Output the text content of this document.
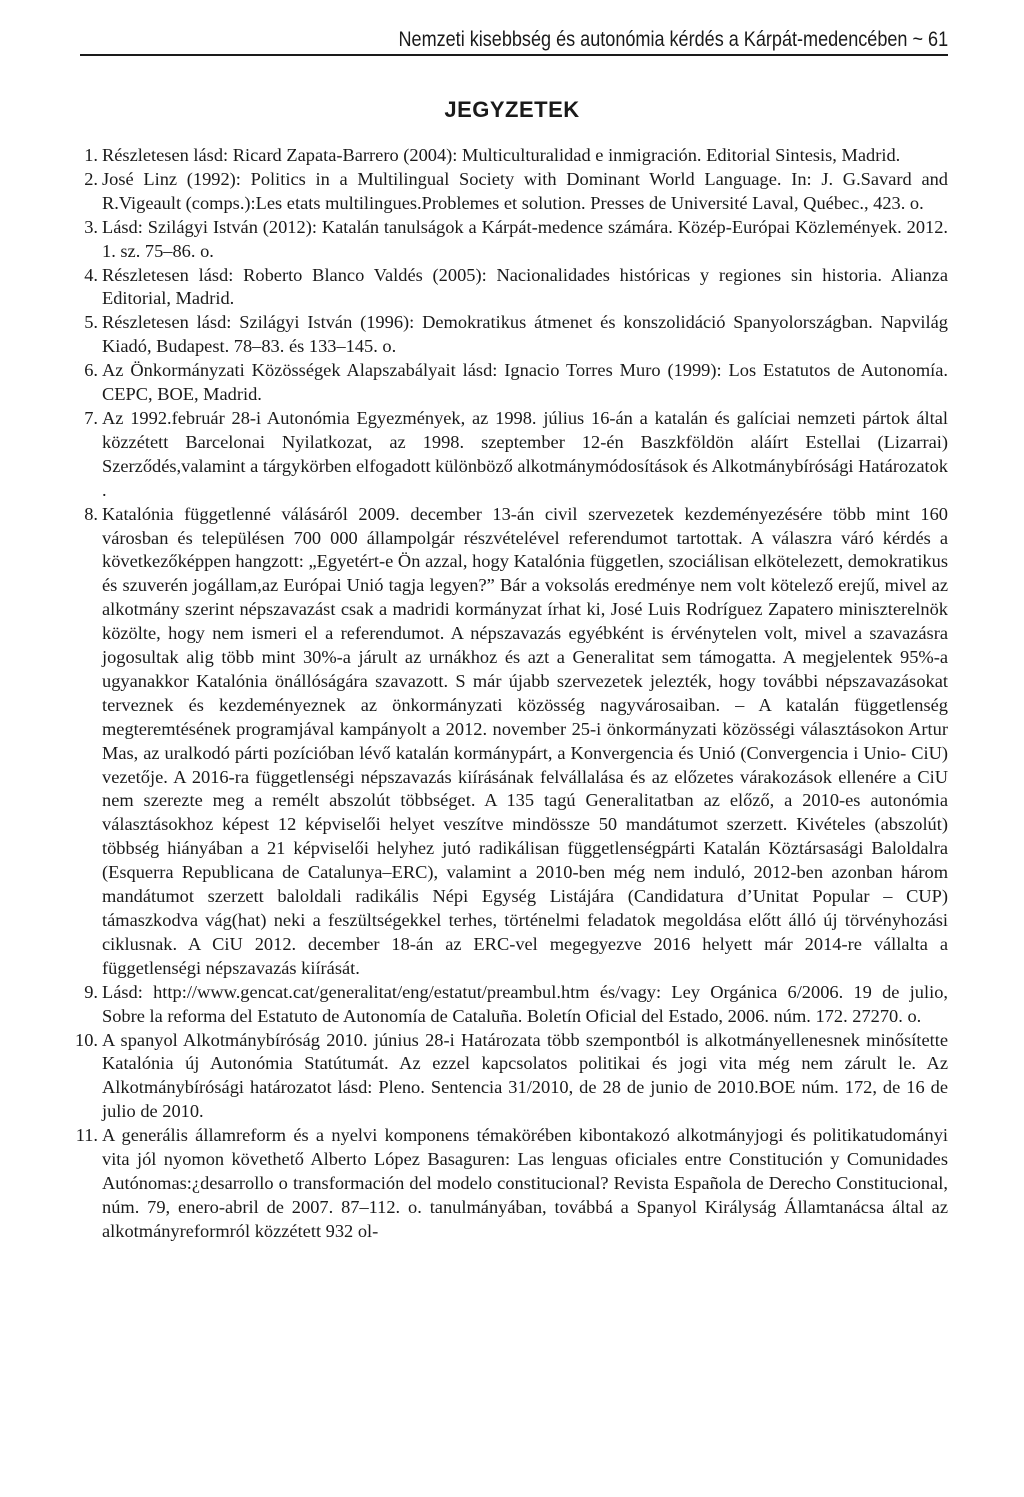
Nemzeti kisebbség és autonómia kérdés a Kárpát-medencében ~ 61
JEGYZETEK
1. Részletesen lásd: Ricard Zapata-Barrero (2004): Multiculturalidad e inmigración. Editorial Sintesis, Madrid.
2. José Linz (1992): Politics in a Multilingual Society with Dominant World Language. In: J. G.Savard and R.Vigeault (comps.):Les etats multilingues.Problemes et solution. Presses de Université Laval, Québec., 423. o.
3. Lásd: Szilágyi István (2012): Katalán tanulságok a Kárpát-medence számára. Közép-Európai Közlemények. 2012. 1. sz. 75–86. o.
4. Részletesen lásd: Roberto Blanco Valdés (2005): Nacionalidades históricas y regiones sin historia. Alianza Editorial, Madrid.
5. Részletesen lásd: Szilágyi István (1996): Demokratikus átmenet és konszolidáció Spanyolországban. Napvilág Kiadó, Budapest. 78–83. és 133–145. o.
6. Az Önkormányzati Közösségek Alapszabályait lásd: Ignacio Torres Muro (1999): Los Estatutos de Autonomía. CEPC, BOE, Madrid.
7. Az 1992.február 28-i Autonómia Egyezmények, az 1998. július 16-án a katalán és galíciai nemzeti pártok által közzétett Barcelonai Nyilatkozat, az 1998. szeptember 12-én Baszkföldön aláírt Estellai (Lizarrai) Szerződés,valamint a tárgykörben elfogadott különböző alkotmánymódosítások és Alkotmánybírósági Határozatok .
8. Katalónia függetlenné válásáról 2009. december 13-án civil szervezetek kezdeményezésére több mint 160 városban és településen 700 000 állampolgár részvételével referendumot tartottak. A válaszra váró kérdés a következőképpen hangzott: „Egyetért-e Ön azzal, hogy Katalónia független, szociálisan elkötelezett, demokratikus és szuverén jogállam,az Európai Unió tagja legyen?” Bár a voksolás eredménye nem volt kötelező erejű, mivel az alkotmány szerint népszavazást csak a madridi kormányzat írhat ki, José Luis Rodríguez Zapatero miniszterelnök közölte, hogy nem ismeri el a referendumot. A népszavazás egyébként is érvénytelen volt, mivel a szavazásra jogosultak alig több mint 30%-a járult az urnákhoz és azt a Generalitat sem támogatta. A megjelentek 95%-a ugyanakkor Katalónia önállóságára szavazott. S már újabb szervezetek jelezték, hogy további népszavazásokat terveznek és kezdeményeznek az önkormányzati közösség nagyvárosaiban. – A katalán függetlenség megteremtésének programjával kampányolt a 2012. november 25-i önkormányzati közösségi választásokon Artur Mas, az uralkodó párti pozícióban lévő katalán kormánypárt, a Konvergencia és Unió (Convergencia i Unio- CiU) vezetője. A 2016-ra függetlenségi népszavazás kiírásának felvállalása és az előzetes várakozások ellenére a CiU nem szerezte meg a remélt abszolút többséget. A 135 tagú Generalitatban az előző, a 2010-es autonómia választásokhoz képest 12 képviselői helyet veszítve mindössze 50 mandátumot szerzett. Kivételes (abszolút) többség hiányában a 21 képviselői helyhez jutó radikálisan függetlenségpárti Katalán Köztársasági Baloldalra (Esquerra Republicana de Catalunya–ERC), valamint a 2010-ben még nem induló, 2012-ben azonban három mandátumot szerzett baloldali radikális Népi Egység Listájára (Candidatura d’Unitat Popular – CUP) támaszkodva vág(hat) neki a feszültségekkel terhes, történelmi feladatok megoldása előtt álló új törvényhozási ciklusnak. A CiU 2012. december 18-án az ERC-vel megegyezve 2016 helyett már 2014-re vállalta a függetlenségi népszavazás kiírását.
9. Lásd: http://www.gencat.cat/generalitat/eng/estatut/preambul.htm és/vagy: Ley Orgánica 6/2006. 19 de julio, Sobre la reforma del Estatuto de Autonomía de Cataluña. Boletín Oficial del Estado, 2006. núm. 172. 27270. o.
10. A spanyol Alkotmánybíróság 2010. június 28-i Határozata több szempontból is alkotmányellenesnek minősítette Katalónia új Autonómia Statútumát. Az ezzel kapcsolatos politikai és jogi vita még nem zárult le. Az Alkotmánybírósági határozatot lásd: Pleno. Sentencia 31/2010, de 28 de junio de 2010.BOE núm. 172, de 16 de julio de 2010.
11. A generális államreform és a nyelvi komponens témakörében kibontakozó alkotmányjogi és politikatudományi vita jól nyomon követhető Alberto López Basaguren: Las lenguas oficiales entre Constitución y Comunidades Autónomas:¿desarrollo o transformación del modelo constitucional? Revista Española de Derecho Constitucional, núm. 79, enero-abril de 2007. 87–112. o. tanulmányában, továbbá a Spanyol Királyság Államtanácsa által az alkotmányreformról közzétett 932 ol-
